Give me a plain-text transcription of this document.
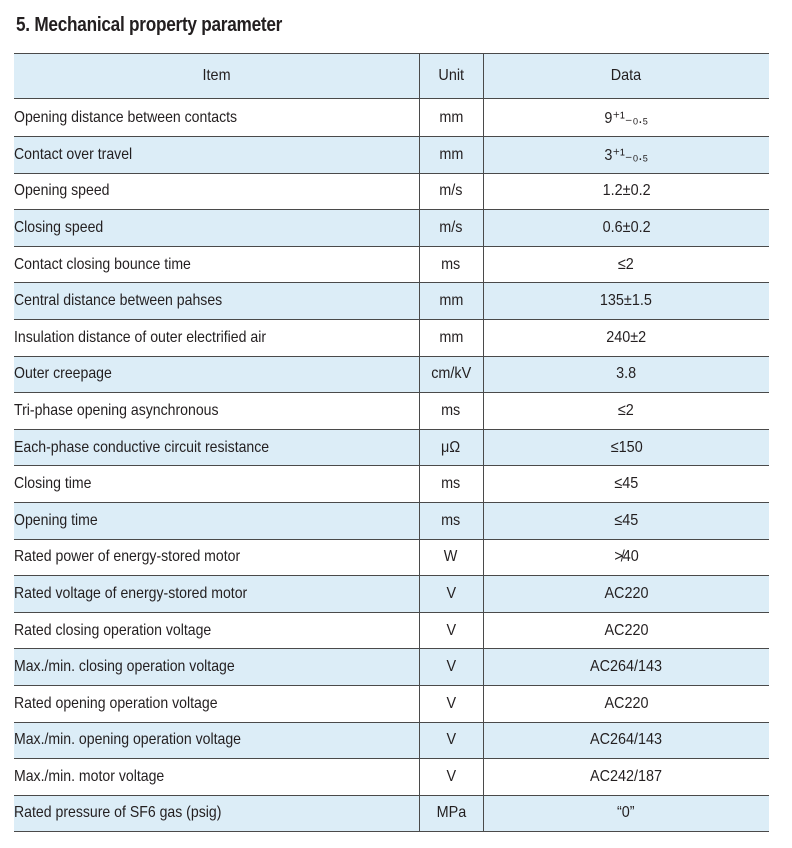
5. Mechanical property parameter
Item	Unit	Data
Opening distance between contacts	mm	9⁺¹₋₀.₅
Contact over travel	mm	3⁺¹₋₀.₅
Opening speed	m/s	1.2±0.2
Closing speed	m/s	0.6±0.2
Contact closing bounce time	ms	≤2
Central distance between pahses	mm	135±1.5
Insulation distance of outer electrified air	mm	240±2
Outer creepage	cm/kV	3.8
Tri-phase opening asynchronous	ms	≤2
Each-phase conductive circuit resistance	μΩ	≤150
Closing time	ms	≤45
Opening time	ms	≤45
Rated power of energy-stored motor	W	≯40
Rated voltage of energy-stored motor	V	AC220
Rated closing operation voltage	V	AC220
Max./min. closing operation voltage	V	AC264/143
Rated opening operation voltage	V	AC220
Max./min. opening operation voltage	V	AC264/143
Max./min. motor voltage	V	AC242/187
Rated pressure of SF6 gas (psig)	MPa	“0”
